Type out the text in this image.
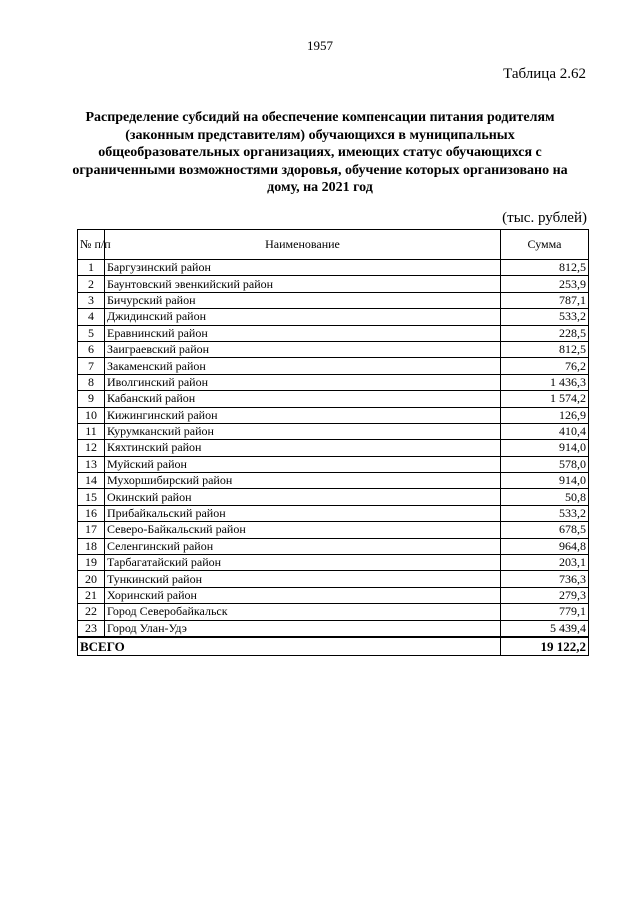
1957
Таблица 2.62
Распределение субсидий на обеспечение компенсации питания родителям (законным представителям) обучающихся в муниципальных общеобразовательных организациях, имеющих статус обучающихся с ограниченными возможностями здоровья, обучение которых организовано на дому, на 2021 год
(тыс. рублей)
№ п/п	Наименование	Сумма
1	Баргузинский район	812,5
2	Баунтовский эвенкийский район	253,9
3	Бичурский район	787,1
4	Джидинский район	533,2
5	Еравнинский район	228,5
6	Заиграевский район	812,5
7	Закаменский район	76,2
8	Иволгинский район	1 436,3
9	Кабанский район	1 574,2
10	Кижингинский район	126,9
11	Курумканский район	410,4
12	Кяхтинский район	914,0
13	Муйский район	578,0
14	Мухоршибирский район	914,0
15	Окинский район	50,8
16	Прибайкальский район	533,2
17	Северо-Байкальский район	678,5
18	Селенгинский район	964,8
19	Тарбагатайский район	203,1
20	Тункинский район	736,3
21	Хоринский район	279,3
22	Город Северобайкальск	779,1
23	Город Улан-Удэ	5 439,4
ВСЕГО		19 122,2
